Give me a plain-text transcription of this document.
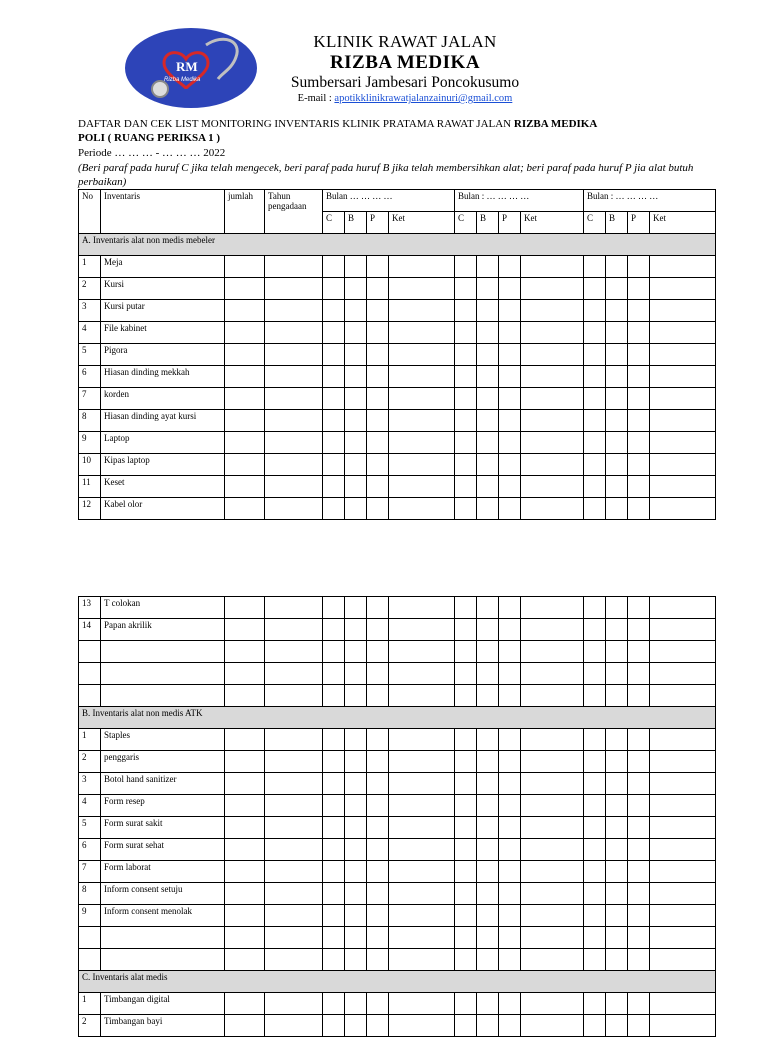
RM
Rizba Medika
KLINIK RAWAT JALAN
RIZBA MEDIKA
Sumbersari Jambesari Poncokusumo
E-mail : apotikklinikrawatjalanzainuri@gmail.com
DAFTAR DAN CEK LIST MONITORING INVENTARIS KLINIK PRATAMA RAWAT JALAN RIZBA MEDIKA
POLI ( RUANG PERIKSA 1 )
Periode … … … - … … … 2022
(Beri paraf pada huruf C jika telah mengecek, beri paraf pada huruf B jika telah membersihkan alat; beri paraf pada huruf P jia alat butuh perbaikan)
No	Inventaris	jumlah	Tahun pengadaan	Bulan … … … …				Bulan : … … … …				Bulan : … … … …			
				C	B	P	Ket	C	B	P	Ket	C	B	P	Ket
A. Inventaris alat non medis mebeler															
1	Meja														
2	Kursi														
3	Kursi putar														
4	File kabinet														
5	Pigora														
6	Hiasan dinding mekkah														
7	korden														
8	Hiasan dinding ayat kursi														
9	Laptop														
10	Kipas laptop														
11	Keset														
12	Kabel olor														
13	T colokan														
14	Papan akrilik														

B. Inventaris alat non medis ATK															
1	Staples														
2	penggaris														
3	Botol hand sanitizer														
4	Form resep														
5	Form surat sakit														
6	Form surat sehat														
7	Form laborat														
8	Inform consent setuju														
9	Inform consent menolak														

C. Inventaris alat medis															
1	Timbangan digital														
2	Timbangan bayi														
